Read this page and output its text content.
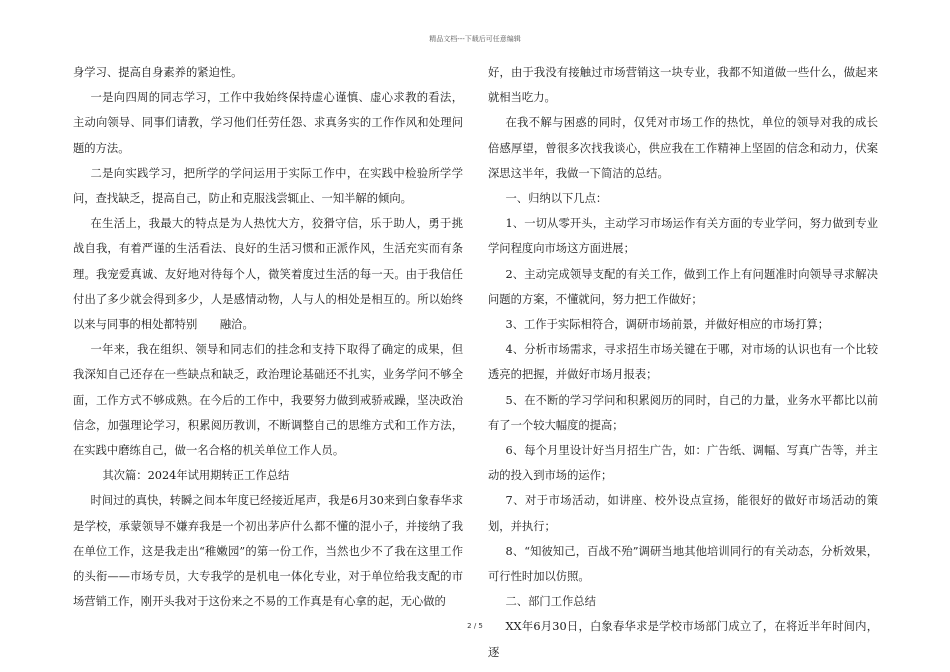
精品文档---下载后可任意编辑

身学习、提高自身素养的紧迫性。

一是向四周的同志学习，工作中我始终保持虚心谨慎、虚心求教的看法，主动向领导、同事们请教，学习他们任劳任怨、求真务实的工作作风和处理问题的方法。

二是向实践学习，把所学的学问运用于实际工作中，在实践中检验所学学问，查找缺乏，提高自己，防止和克服浅尝辄止、一知半解的倾向。

在生活上，我最大的特点是为人热忱大方，狡猾守信，乐于助人，勇于挑战自我，有着严谨的生活看法、良好的生活习惯和正派作风，生活充实而有条理。我宠爱真诚、友好地对待每个人，微笑着度过生活的每一天。由于我信任付出了多少就会得到多少，人是感情动物，人与人的相处是相互的。所以始终以来与同事的相处都特别　　融洽。

一年来，我在组织、领导和同志们的挂念和支持下取得了确定的成果，但我深知自己还存在一些缺点和缺乏，政治理论基础还不扎实，业务学问不够全面，工作方式不够成熟。在今后的工作中，我要努力做到戒骄戒躁，坚决政治信念，加强理论学习，积累阅历教训，不断调整自己的思维方式和工作方法，在实践中磨练自己，做一名合格的机关单位工作人员。

其次篇：2024年试用期转正工作总结

时间过的真快，转瞬之间本年度已经接近尾声，我是6月30来到白象春华求是学校，承蒙领导不嫌弃我是一个初出茅庐什么都不懂的混小子，并接纳了我在单位工作，这是我走出“稚嫩园”的第一份工作，当然也少不了我在这里工作的头衔——市场专员，大专我学的是机电一体化专业，对于单位给我支配的市场营销工作，刚开头我对于这份来之不易的工作真是有心拿的起，无心做的

好，由于我没有接触过市场营销这一块专业，我都不知道做一些什么，做起来就相当吃力。

在我不解与困惑的同时，仅凭对市场工作的热忱，单位的领导对我的成长倍感厚望，曾很多次找我谈心，供应我在工作精神上坚固的信念和动力，伏案深思这半年，我做一下简洁的总结。

一、归纳以下几点：

1、一切从零开头，主动学习市场运作有关方面的专业学问，努力做到专业学问程度向市场这方面进展；

2、主动完成领导支配的有关工作，做到工作上有问题准时向领导寻求解决问题的方案，不懂就问，努力把工作做好；

3、工作于实际相符合，调研市场前景，并做好相应的市场打算；

4、分析市场需求，寻求招生市场关键在于哪，对市场的认识也有一个比较透亮的把握，并做好市场月报表；

5、在不断的学习学问和积累阅历的同时，自己的力量，业务水平都比以前有了一个较大幅度的提高；

6、每个月里设计好当月招生广告，如：广告纸、调幅、写真广告等，并主动的投入到市场的运作；

7、对于市场活动，如讲座、校外设点宣扬，能很好的做好市场活动的策划，并执行；

8、“知彼知己，百战不殆”调研当地其他培训同行的有关动态，分析效果，可行性时加以仿照。

二、部门工作总结

XX年6月30日，白象春华求是学校市场部门成立了，在将近半年时间内，逐

2 / 5
